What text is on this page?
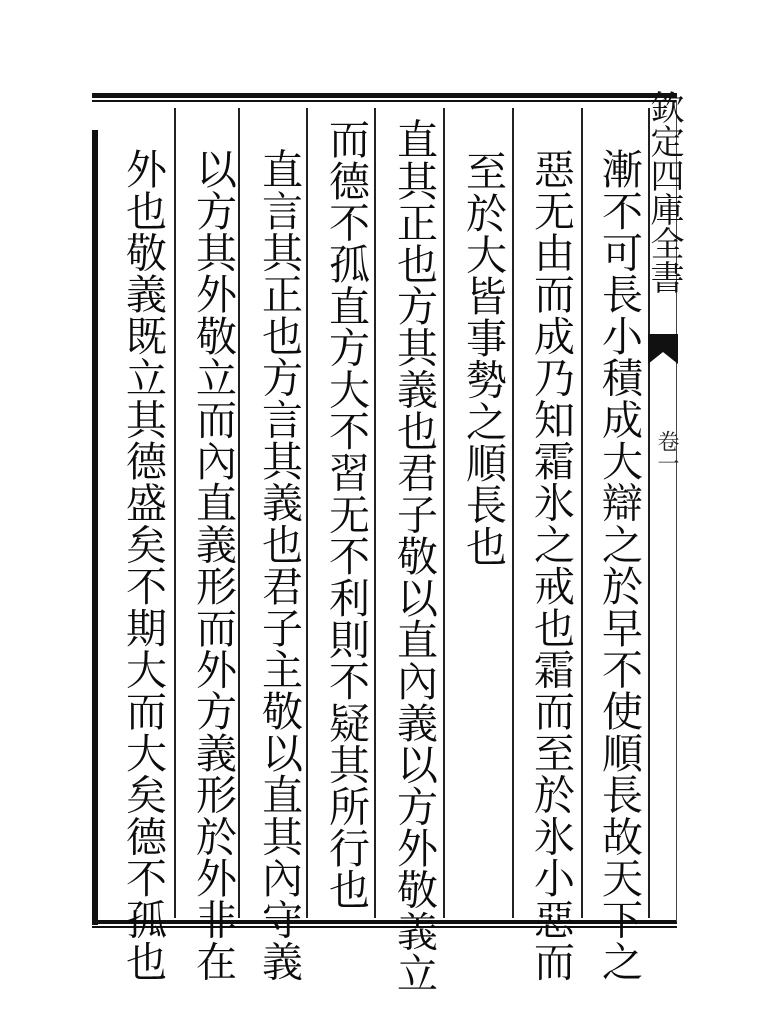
欽定四庫全書
卷一
漸不可長小積成大辯之於早不使順長故天下之
惡无由而成乃知霜氷之戒也霜而至於氷小惡而
至於大皆事勢之順長也
直其正也方其義也君子敬以直內義以方外敬義立
而德不孤直方大不習无不利則不疑其所行也
直言其正也方言其義也君子主敬以直其內守義
以方其外敬立而內直義形而外方義形於外非在
外也敬義既立其德盛矣不期大而大矣德不孤也
